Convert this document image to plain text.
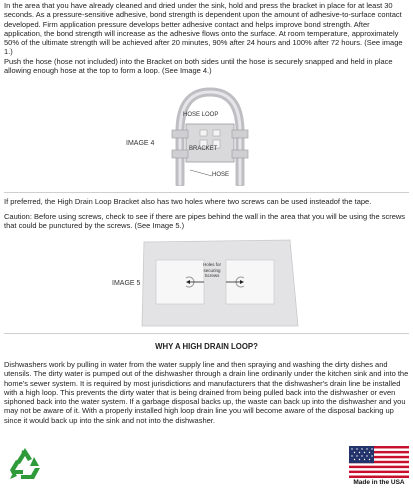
In the area that you have already cleaned and dried under the sink, hold and press the bracket in place for at least 30 seconds. As a pressure-sensitive adhesive, bond strength is dependent upon the amount of adhesive-to-surface contact developed. Firm application pressure develops better adhesive contact and helps improve bond strength. After application, the bond strength will increase as the adhesive flows onto the surface. At room temperature, approximately 50% of the ultimate strength will be achieved after 20 minutes, 90% after 24 hours and 100% after 72 hours. (See image 1.)

Push the hose (hose not included) into the Bracket on both sides until the hose is securely snapped and held in place allowing enough hose at the top to form a loop. (See Image 4.)

IMAGE 4
HOSE LOOP
BRACKET
HOSE

If preferred, the High Drain Loop Bracket also has two holes where two screws can be used insteadof the tape.

Caution: Before using screws, check to see if there are pipes behind the wall in the area that you will be using the screws that could be punctured by the screws. (See Image 5.)

IMAGE 5
Holes for securing Screws
WHY A HIGH DRAIN LOOP?

Dishwashers work by pulling in water from the water supply line and then spraying and washing the dirty dishes and utensils. The dirty water is pumped out of the dishwasher through a drain line ordinarily under the kitchen sink and into the home's sewer system. It is required by most jurisdictions and manufacturers that the dishwasher's drain line be installed with a high loop. This prevents the dirty water that is being drained from being pulled back into the dishwasher or even siphoned back into the water system. If a garbage disposal backs up, the waste can back up into the dishwasher and you may not be aware of it. With a properly installed high loop drain line you will become aware of the disposal backing up since it would back up into the sink and not into the dishwasher.

Made in the USA
